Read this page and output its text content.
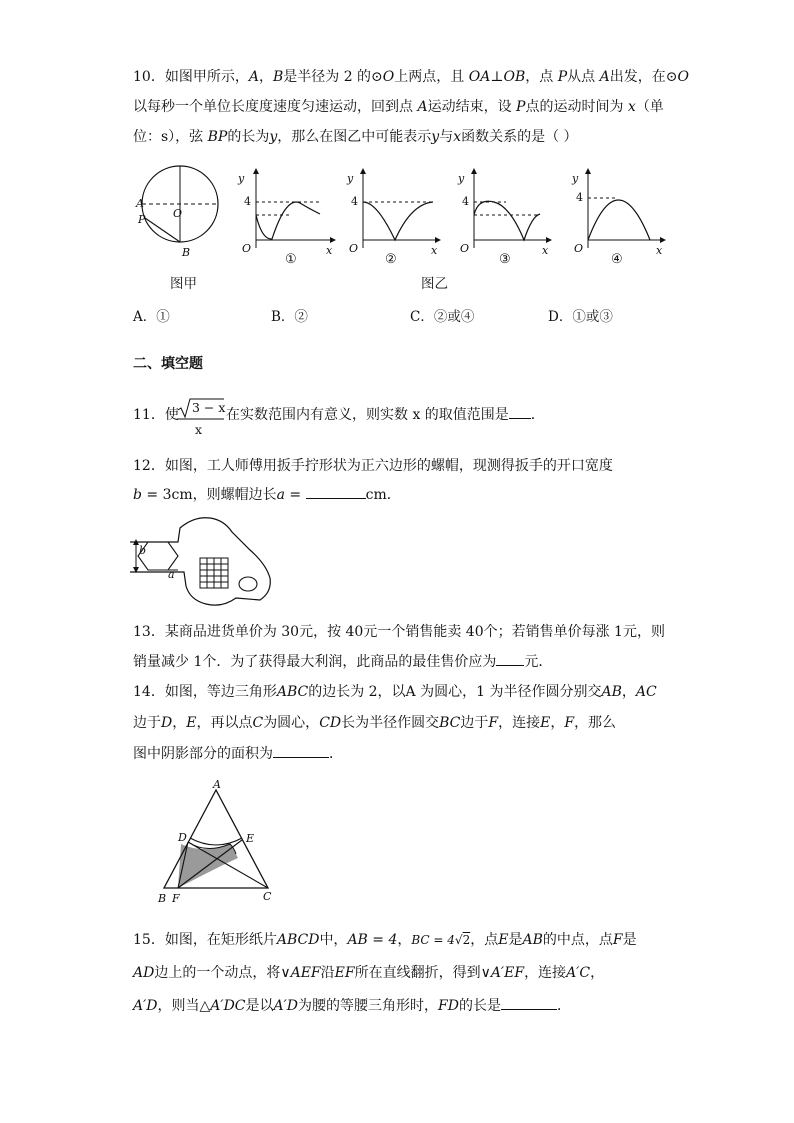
10．如图甲所示，A，B是半径为 2 的⊙O上两点，且 OA⊥OB，点 P从点 A出发，在⊙O
以每秒一个单位长度度速度匀速运动，回到点 A运动结束，设 P点的运动时间为 x（单
位：s），弦 BP的长为y，那么在图乙中可能表示y与x函数关系的是（ ）
A
P	O
B
y
4
O	x
y
4
O	x
y
4
O	x
y
4
O	x
①	②	③	④
图甲	图乙
A．①	B．②	C．②或④	D．①或③
二、填空题
11．使 3 − x
x
在实数范围内有意义，则实数 x 的取值范围是 ．
12．如图，工人师傅用扳手拧形状为正六边形的螺帽，现测得扳手的开口宽度
b = 3cm，则螺帽边长a =	cm．
b
a
13．某商品进货单价为 30元，按 40元一个销售能卖 40个；若销售单价每涨 1元，则
销量减少 1个．为了获得最大利润，此商品的最佳售价应为 元．
14．如图，等边三角形ABC的边长为 2，以A 为圆心，1 为半径作圆分别交AB，AC
边于D，E，再以点C为圆心，CD长为半径作圆交BC边于F，连接E，F，那么
图中阴影部分的面积为	．
A
D	E
B F	C
15．如图，在矩形纸片ABCD中，AB = 4，BC = 4√2，点E是AB的中点，点F是
AD边上的一个动点，将∨AEF沿EF所在直线翻折，得到∨A′EF，连接A′C，
A′D，则当△A′DC是以A′D为腰的等腰三角形时，FD的长是	．
